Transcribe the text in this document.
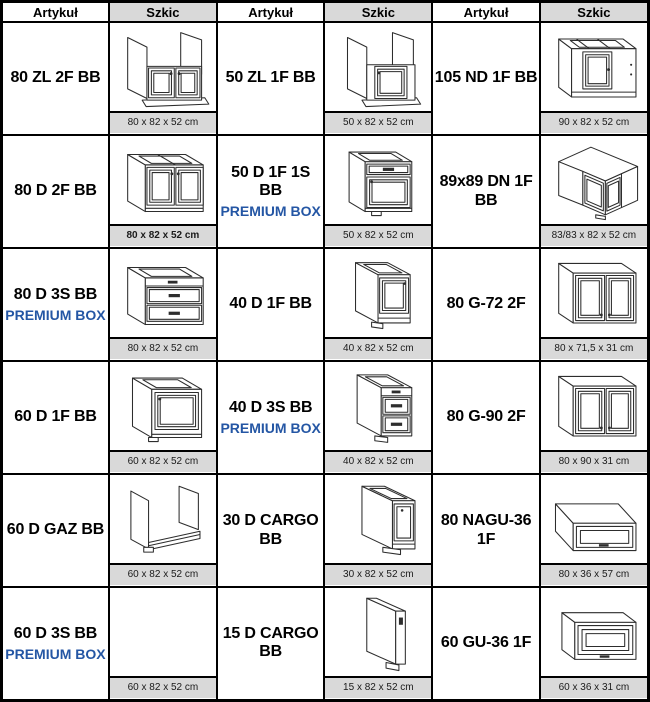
Artykuł	Szkic	Artykuł	Szkic	Artykuł	Szkic

80 ZL 2F BB	80 x 82 x 52 cm	50 ZL 1F BB	50 x 82 x 52 cm	105 ND 1F BB	90 x 82 x 52 cm

80 D 2F BB	80 x 82 x 52 cm	50 D 1F 1S BB
PREMIUM BOX	50 x 82 x 52 cm	89x89 DN 1F BB	83/83 x 82 x 52 cm

80 D 3S BB
PREMIUM BOX	80 x 82 x 52 cm	40 D 1F BB	40 x 82 x 52 cm	80 G-72 2F	80 x 71,5 x 31 cm

60 D 1F BB	60 x 82 x 52 cm	40 D 3S BB
PREMIUM BOX	40 x 82 x 52 cm	80 G-90 2F	80 x 90 x 31 cm

60 D GAZ BB	60 x 82 x 52 cm	30 D CARGO BB	30 x 82 x 52 cm	80 NAGU-36 1F	80 x 36 x 57 cm

60 D 3S BB
PREMIUM BOX	60 x 82 x 52 cm	15 D CARGO BB	15 x 82 x 52 cm	60 GU-36 1F	60 x 36 x 31 cm
